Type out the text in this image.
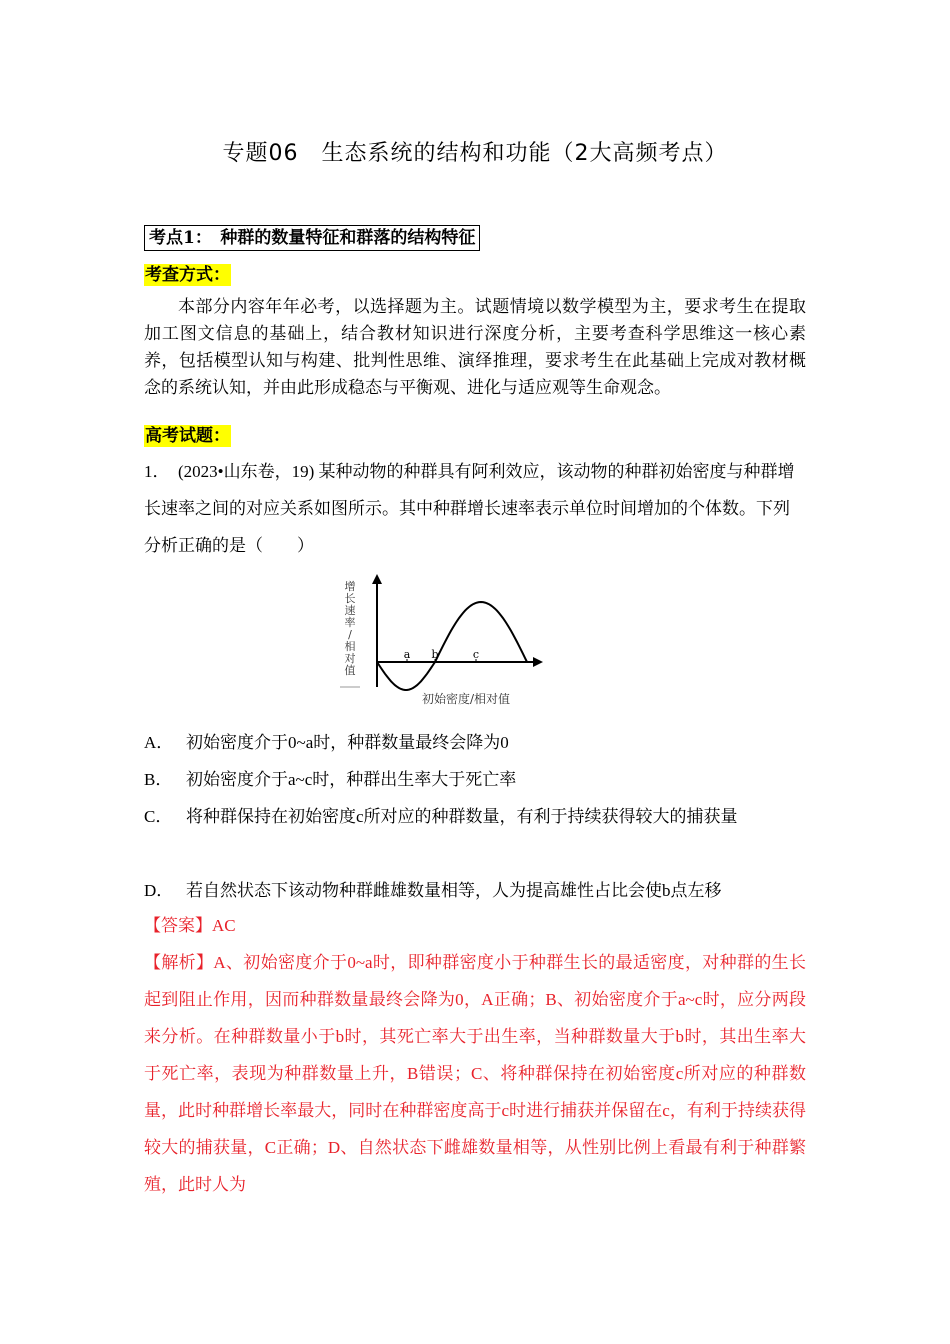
专题06　生态系统的结构和功能（2大高频考点）
考点1：　种群的数量特征和群落的结构特征
考查方式：
本部分内容年年必考，以选择题为主。试题情境以数学模型为主，要求考生在提取加工图文信息的基础上，结合教材知识进行深度分析，主要考查科学思维这一核心素养，包括模型认知与构建、批判性思维、演绎推理，要求考生在此基础上完成对教材概念的系统认知，并由此形成稳态与平衡观、进化与适应观等生命观念。
高考试题：
1．　(2023•山东卷，19) 某种动物的种群具有阿利效应，该动物的种群初始密度与种群增长速率之间的对应关系如图所示。其中种群增长速率表示单位时间增加的个体数。下列分析正确的是（　　）
增
长
速
率
/
相
对
值
a b	c
初始密度/相对值
A． 初始密度介于0~a时，种群数量最终会降为0
B． 初始密度介于a~c时，种群出生率大于死亡率
C． 将种群保持在初始密度c所对应的种群数量，有利于持续获得较大的捕获量
D． 若自然状态下该动物种群雌雄数量相等，人为提高雄性占比会使b点左移
【答案】AC
【解析】A、初始密度介于0~a时，即种群密度小于种群生长的最适密度，对种群的生长起到阻止作用，因而种群数量最终会降为0，A正确；B、初始密度介于a~c时，应分两段来分析。在种群数量小于b时，其死亡率大于出生率，当种群数量大于b时，其出生率大于死亡率，表现为种群数量上升，B错误；C、将种群保持在初始密度c所对应的种群数量，此时种群增长率最大，同时在种群密度高于c时进行捕获并保留在c，有利于持续获得较大的捕获量，C正确；D、自然状态下雌雄数量相等，从性别比例上看最有利于种群繁殖，此时人为
